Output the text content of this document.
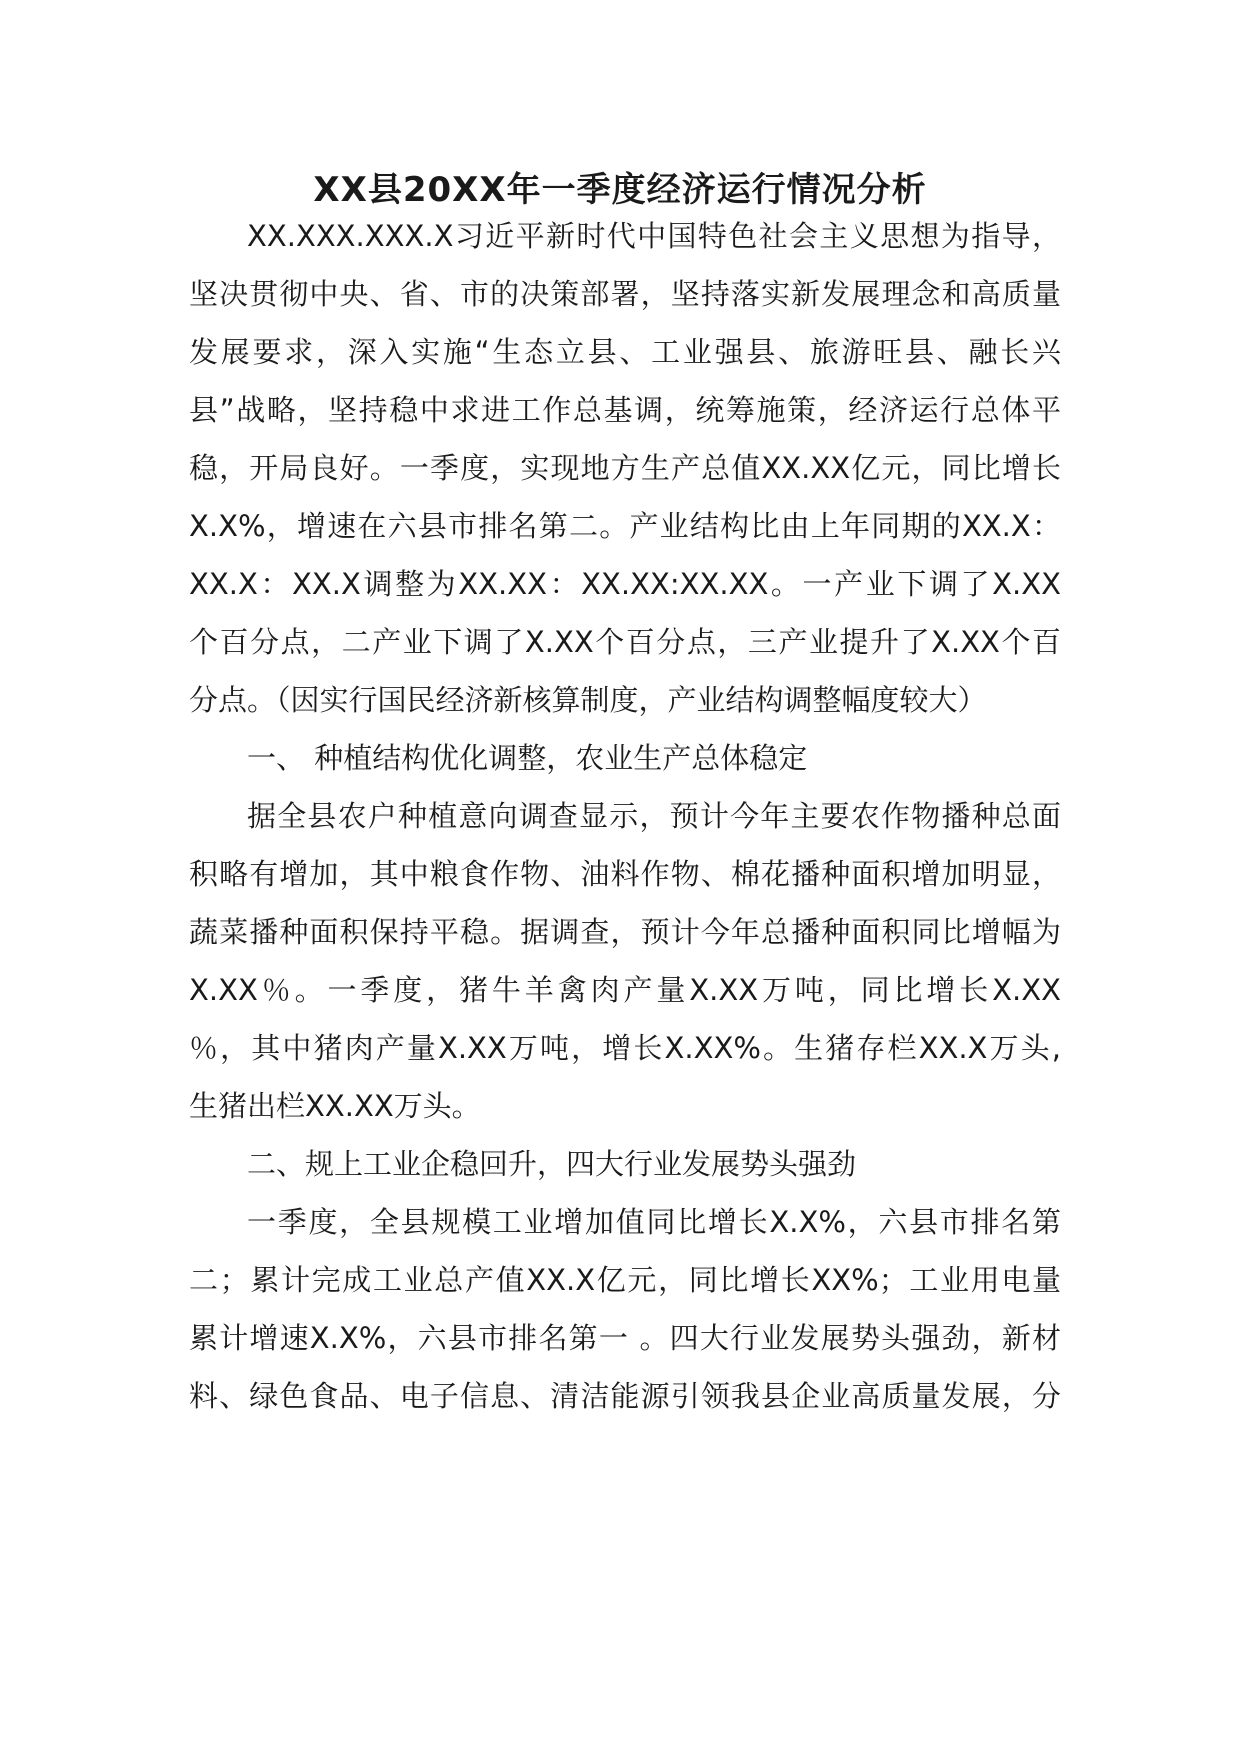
XX县20XX年一季度经济运行情况分析
XX.XXX.XXX.X习近平新时代中国特色社会主义思想为指导，
坚决贯彻中央、省、市的决策部署，坚持落实新发展理念和高质量
发展要求，深入实施“生态立县、工业强县、旅游旺县、融长兴
县”战略，坚持稳中求进工作总基调，统筹施策，经济运行总体平
稳，开局良好。一季度，实现地方生产总值XX.XX亿元，同比增长
X.X%，增速在六县市排名第二。产业结构比由上年同期的XX.X：
XX.X：XX.X调整为XX.XX：XX.XX:XX.XX。一产业下调了X.XX
个百分点，二产业下调了X.XX个百分点，三产业提升了X.XX个百
分点。（因实行国民经济新核算制度，产业结构调整幅度较大）
一、 种植结构优化调整，农业生产总体稳定
据全县农户种植意向调查显示，预计今年主要农作物播种总面
积略有增加，其中粮食作物、油料作物、棉花播种面积增加明显，
蔬菜播种面积保持平稳。据调查，预计今年总播种面积同比增幅为
X.XX％。一季度，猪牛羊禽肉产量X.XX万吨，同比增长X.XX
％，其中猪肉产量X.XX万吨，增长X.XX%。生猪存栏XX.X万头,
生猪出栏XX.XX万头。
二、规上工业企稳回升，四大行业发展势头强劲
一季度，全县规模工业增加值同比增长X.X%，六县市排名第
二；累计完成工业总产值XX.X亿元，同比增长XX%；工业用电量
累计增速X.X%，六县市排名第一 。四大行业发展势头强劲，新材
料、绿色食品、电子信息、清洁能源引领我县企业高质量发展，分
